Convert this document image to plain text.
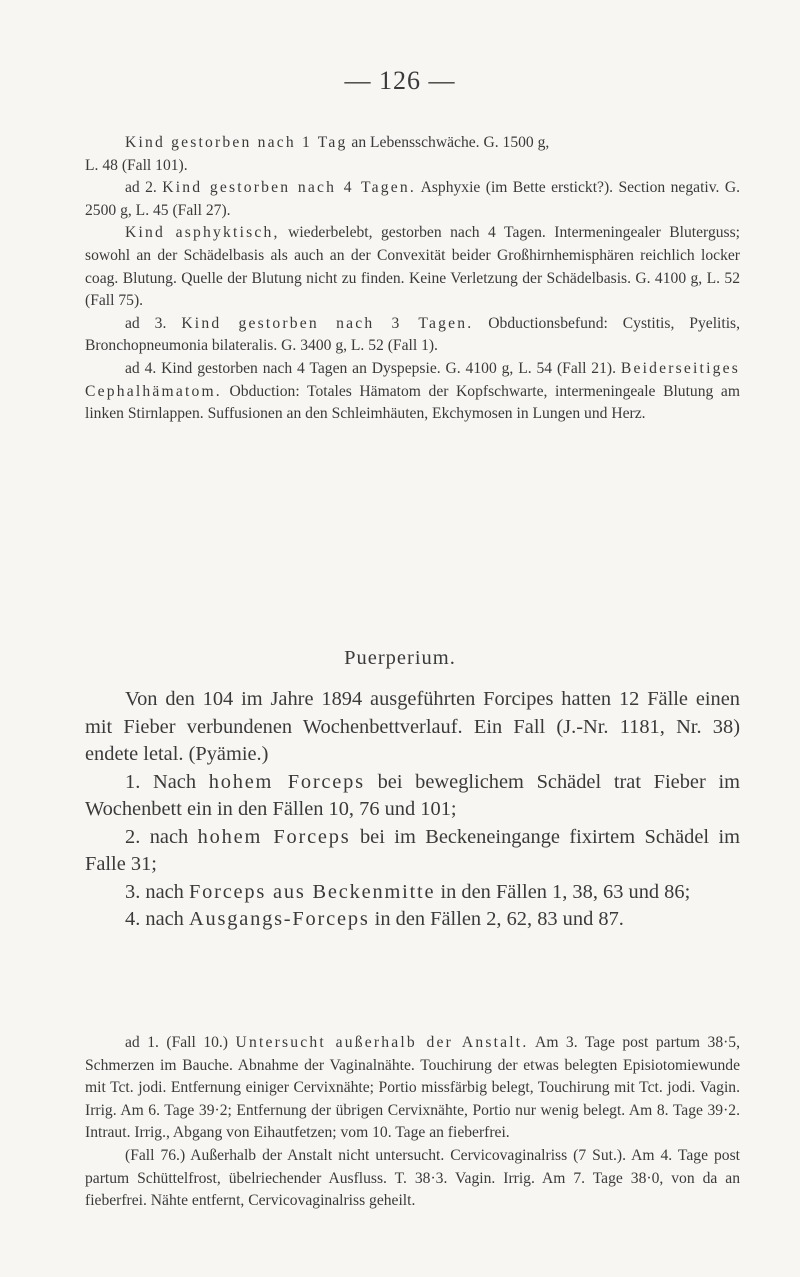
— 126 —

Kind gestorben nach 1 Tag an Lebensschwäche. G. 1500 g,

L. 48 (Fall 101).

ad 2. Kind gestorben nach 4 Tagen. Asphyxie (im Bette erstickt?). Section negativ. G. 2500 g, L. 45 (Fall 27).

Kind asphyktisch, wiederbelebt, gestorben nach 4 Tagen. Intermeningealer Bluterguss; sowohl an der Schädelbasis als auch an der Convexität beider Großhirnhemisphären reichlich locker coag. Blutung. Quelle der Blutung nicht zu finden. Keine Verletzung der Schädelbasis. G. 4100 g, L. 52 (Fall 75).

ad 3. Kind gestorben nach 3 Tagen. Obductionsbefund: Cystitis, Pyelitis, Bronchopneumonia bilateralis. G. 3400 g, L. 52 (Fall 1).

ad 4. Kind gestorben nach 4 Tagen an Dyspepsie. G. 4100 g, L. 54 (Fall 21). Beiderseitiges Cephalhämatom. Obduction: Totales Hämatom der Kopfschwarte, intermeningeale Blutung am linken Stirnlappen. Suffusionen an den Schleimhäuten, Ekchymosen in Lungen und Herz.

Puerperium.

Von den 104 im Jahre 1894 ausgeführten Forcipes hatten 12 Fälle einen mit Fieber verbundenen Wochenbettverlauf. Ein Fall (J.-Nr. 1181, Nr. 38) endete letal. (Pyämie.)

1. Nach hohem Forceps bei beweglichem Schädel trat Fieber im Wochenbett ein in den Fällen 10, 76 und 101;

2. nach hohem Forceps bei im Beckeneingange fixirtem Schädel im Falle 31;

3. nach Forceps aus Beckenmitte in den Fällen 1, 38, 63 und 86;

4. nach Ausgangs-Forceps in den Fällen 2, 62, 83 und 87.

ad 1. (Fall 10.) Untersucht außerhalb der Anstalt. Am 3. Tage post partum 38·5, Schmerzen im Bauche. Abnahme der Vaginalnähte. Touchirung der etwas belegten Episiotomiewunde mit Tct. jodi. Entfernung einiger Cervixnähte; Portio missfärbig belegt, Touchirung mit Tct. jodi. Vagin. Irrig. Am 6. Tage 39·2; Entfernung der übrigen Cervixnähte, Portio nur wenig belegt. Am 8. Tage 39·2. Intraut. Irrig., Abgang von Eihautfetzen; vom 10. Tage an fieberfrei.

(Fall 76.) Außerhalb der Anstalt nicht untersucht. Cervicovaginalriss (7 Sut.). Am 4. Tage post partum Schüttelfrost, übelriechender Ausfluss. T. 38·3. Vagin. Irrig. Am 7. Tage 38·0, von da an fieberfrei. Nähte entfernt, Cervicovaginalriss geheilt.
